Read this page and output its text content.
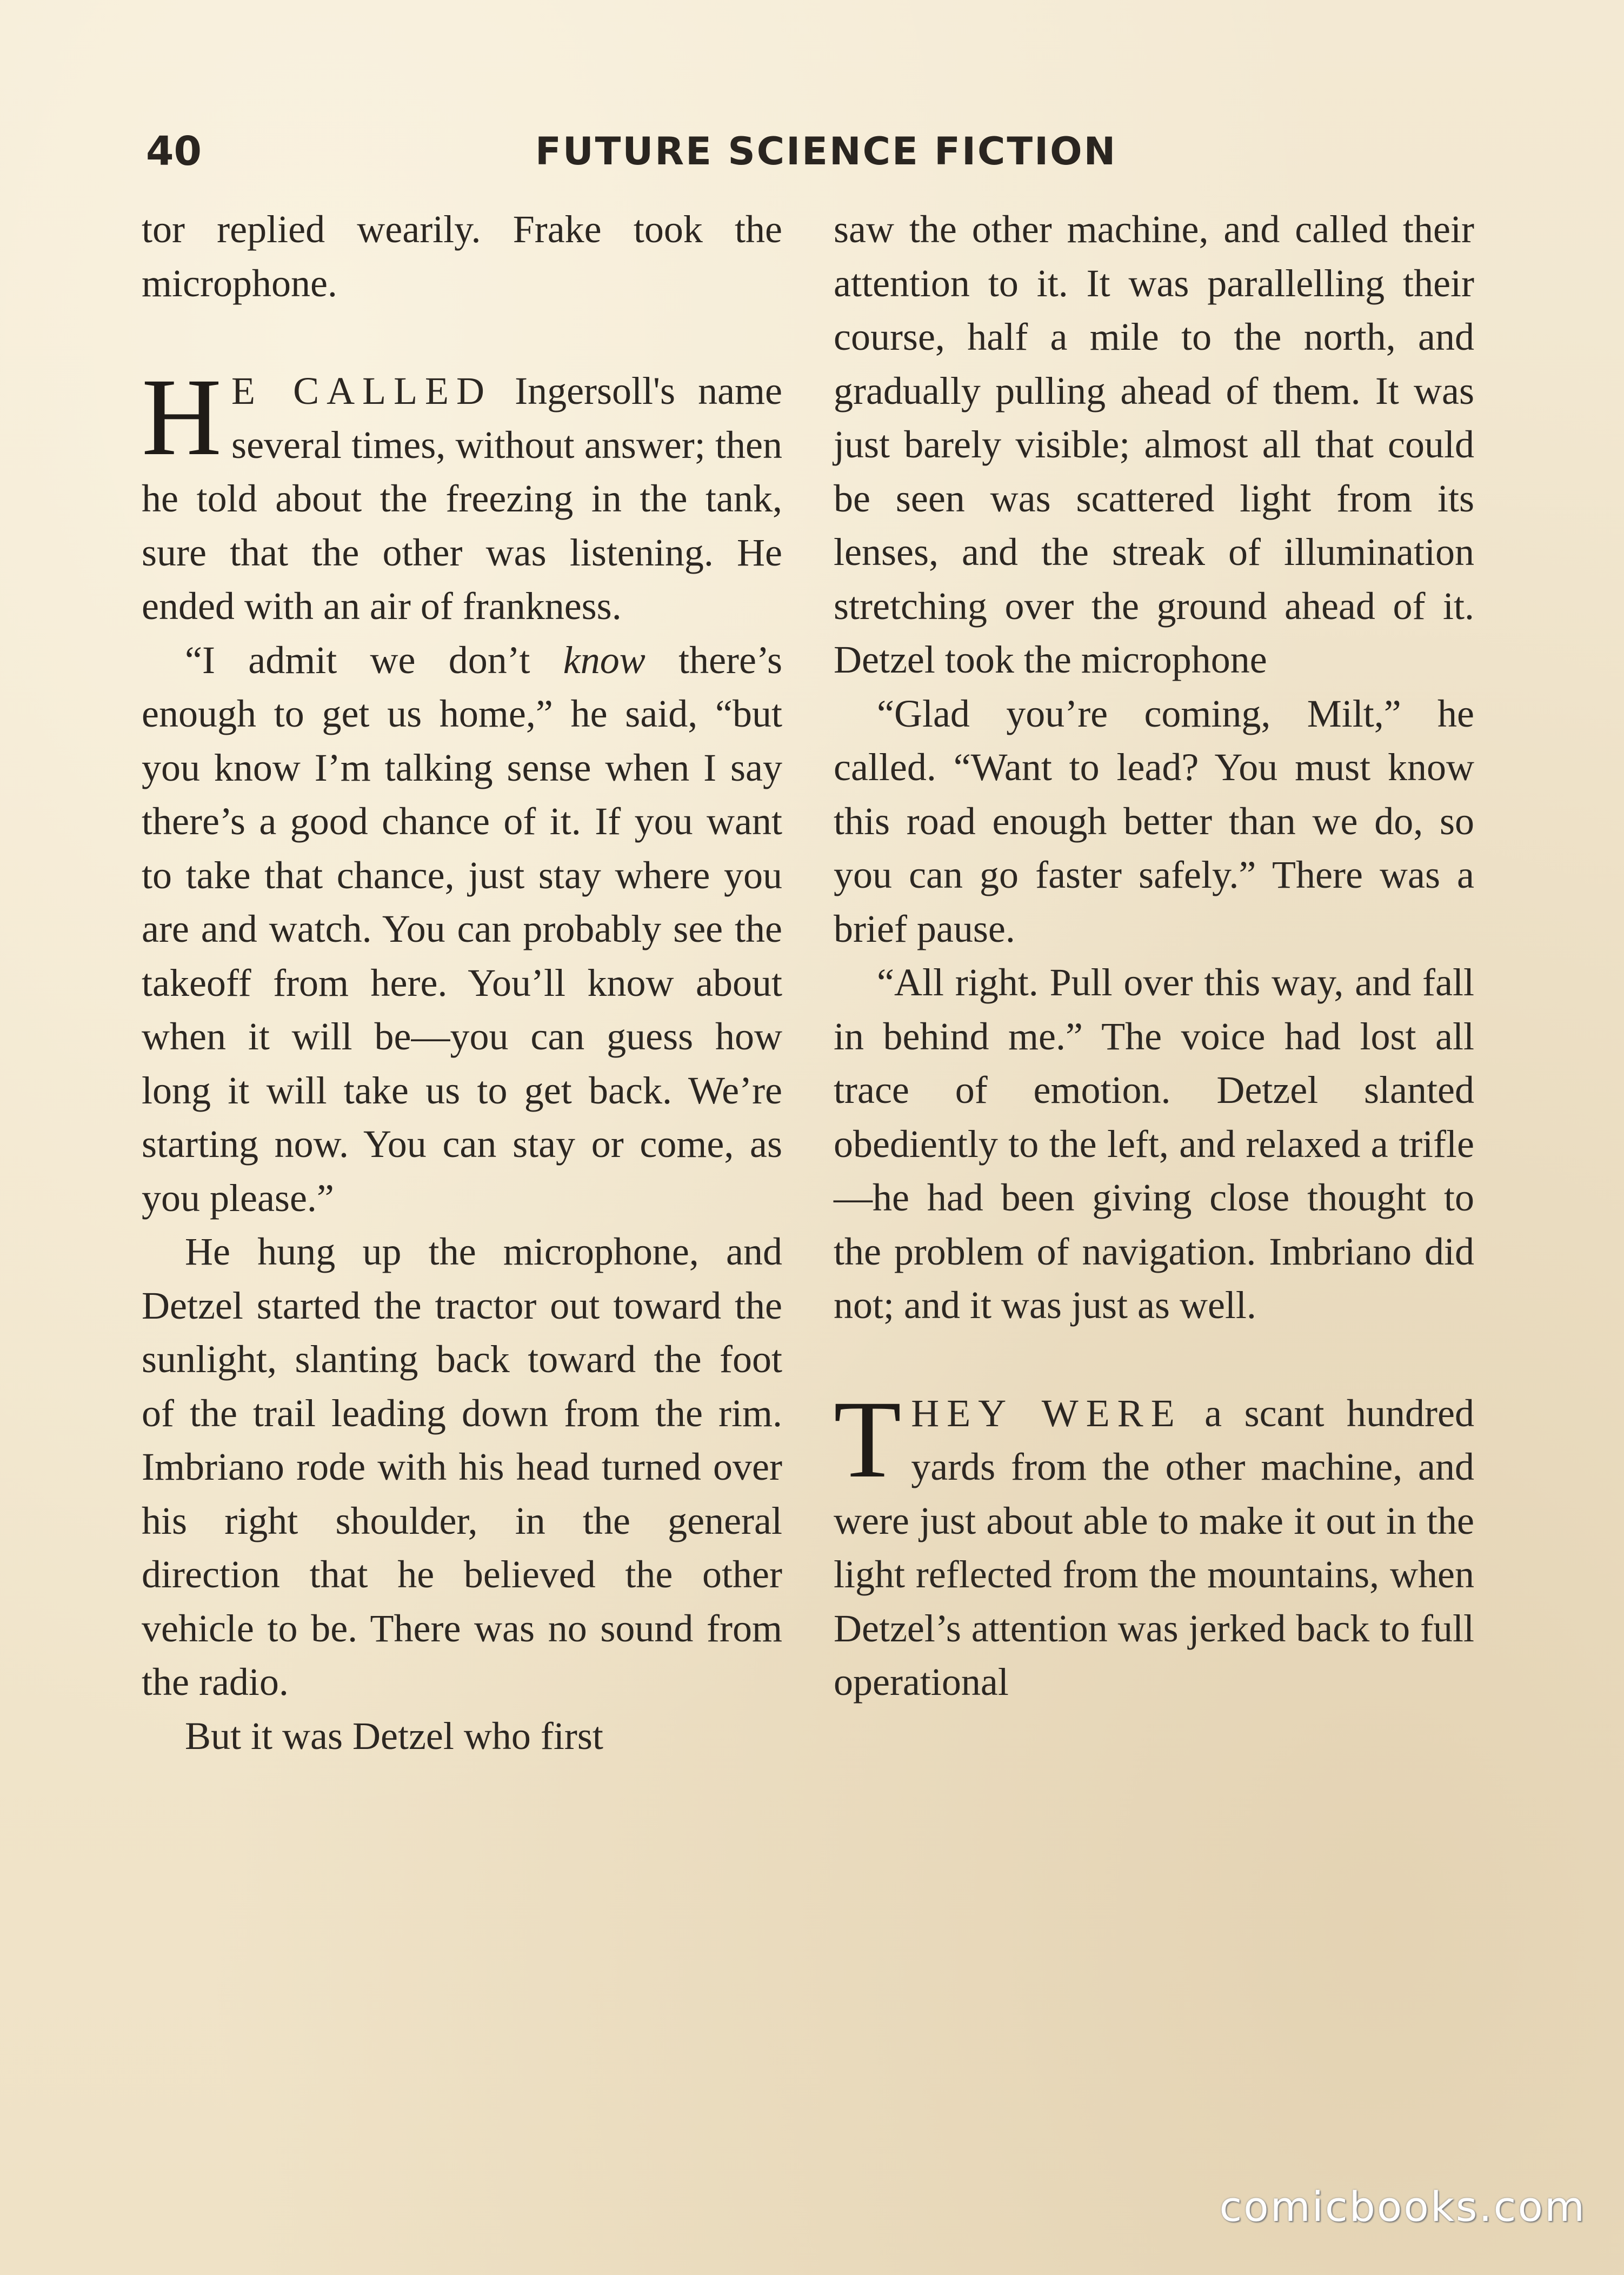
40	FUTURE SCIENCE FICTION

tor replied wearily. Frake took the microphone.

H E CALLED Ingersoll's name several times, without answer; then he told about the freezing in the tank, sure that the other was listening. He ended with an air of frankness.

“I admit we don’t know there’s enough to get us home,” he said, “but you know I’m talking sense when I say there’s a good chance of it. If you want to take that chance, just stay where you are and watch. You can probably see the takeoff from here. You’ll know about when it will be—you can guess how long it will take us to get back. We’re starting now. You can stay or come, as you please.”

He hung up the microphone, and Detzel started the tractor out toward the sunlight, slanting back toward the foot of the trail leading down from the rim. Imbriano rode with his head turned over his right shoulder, in the general direction that he believed the other vehicle to be. There was no sound from the radio.

But it was Detzel who first

saw the other machine, and called their attention to it. It was parallelling their course, half a mile to the north, and gradually pulling ahead of them. It was just barely visible; almost all that could be seen was scattered light from its lenses, and the streak of illumination stretching over the ground ahead of it. Detzel took the microphone

“Glad you’re coming, Milt,” he called. “Want to lead? You must know this road enough better than we do, so you can go faster safely.” There was a brief pause.

“All right. Pull over this way, and fall in behind me.” The voice had lost all trace of emotion. Detzel slanted obediently to the left, and relaxed a trifle—he had been giving close thought to the problem of navigation. Imbriano did not; and it was just as well.

THEY WERE a scant hundred yards from the other machine, and were just about able to make it out in the light reflected from the mountains, when Detzel’s attention was jerked back to full operational

comicbooks.com
